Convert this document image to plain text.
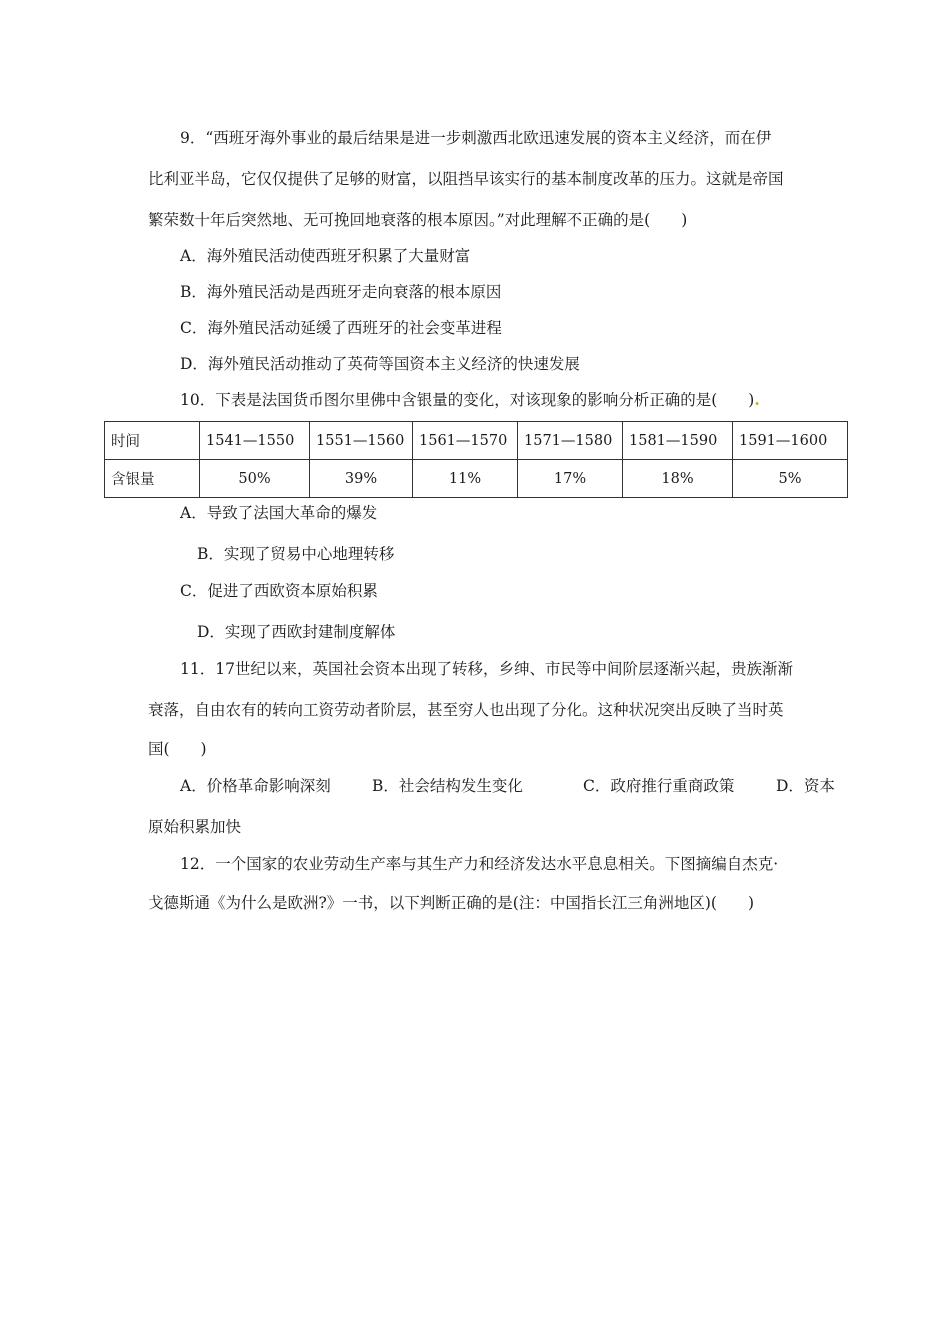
9．“西班牙海外事业的最后结果是进一步刺激西北欧迅速发展的资本主义经济，而在伊
比利亚半岛，它仅仅提供了足够的财富，以阻挡早该实行的基本制度改革的压力。这就是帝国
繁荣数十年后突然地、无可挽回地衰落的根本原因。”对此理解不正确的是(　　)
A．海外殖民活动使西班牙积累了大量财富
B．海外殖民活动是西班牙走向衰落的根本原因
C．海外殖民活动延缓了西班牙的社会变革进程
D．海外殖民活动推动了英荷等国资本主义经济的快速发展
10．下表是法国货币图尔里佛中含银量的变化，对该现象的影响分析正确的是(　　).
时间	1541—1550	1551—1560	1561—1570	1571—1580	1581—1590	1591—1600
含银量	50%	39%	11%	17%	18%	5%
A．导致了法国大革命的爆发
B．实现了贸易中心地理转移
C．促进了西欧资本原始积累
D．实现了西欧封建制度解体
11．17世纪以来，英国社会资本出现了转移，乡绅、市民等中间阶层逐渐兴起，贵族渐渐
衰落，自由农有的转向工资劳动者阶层，甚至穷人也出现了分化。这种状况突出反映了当时英
国(　　)
A．价格革命影响深刻	B．社会结构发生变化	C．政府推行重商政策	D．资本
原始积累加快
12．一个国家的农业劳动生产率与其生产力和经济发达水平息息相关。下图摘编自杰克·
戈德斯通《为什么是欧洲?》一书，以下判断正确的是(注：中国指长江三角洲地区)(　　)
